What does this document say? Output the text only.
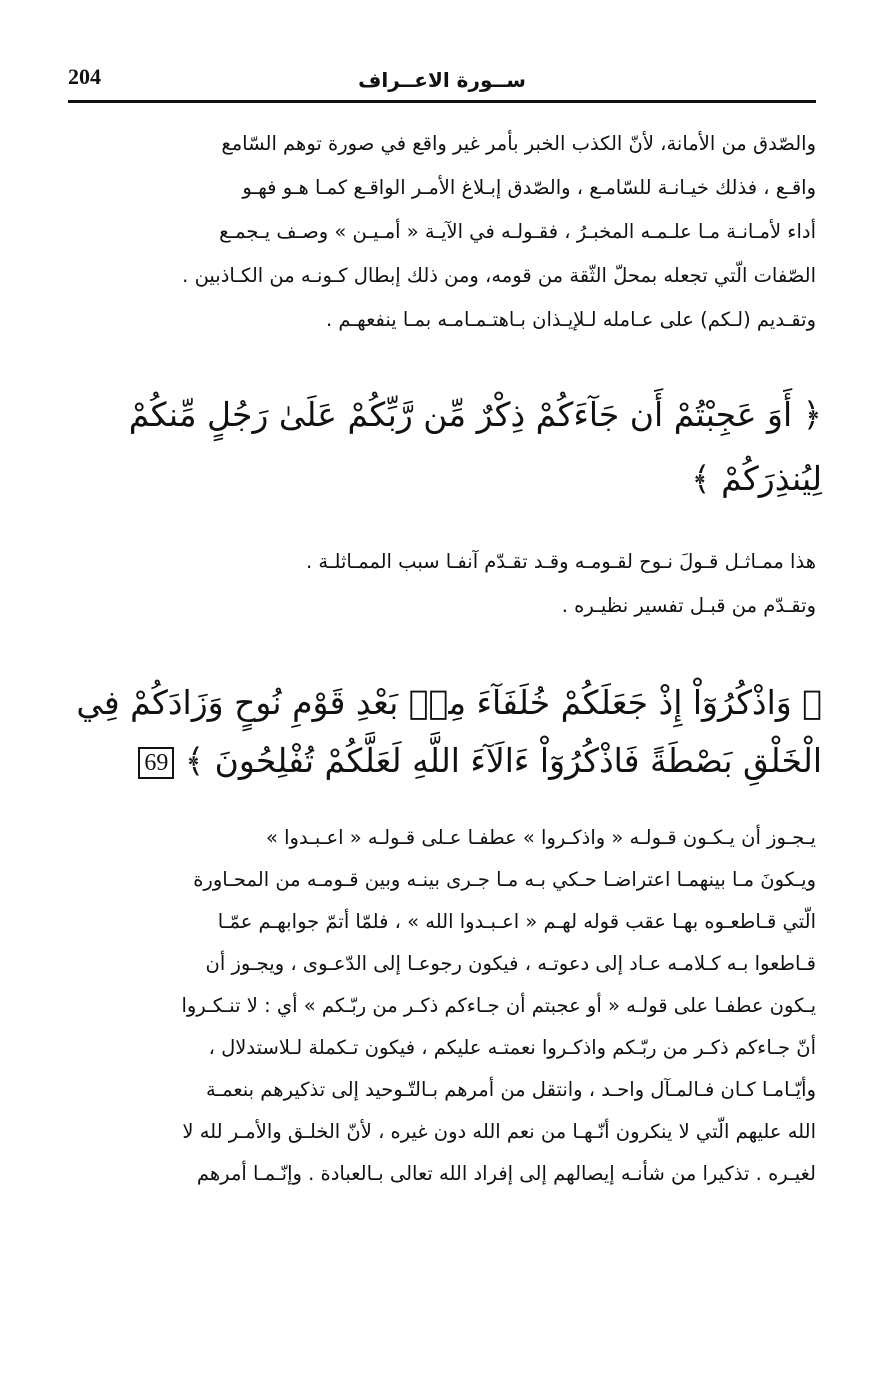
204	ســورة الاعــراف

والصّدق من الأمانة، لأنّ الكذب الخبر بأمر غير واقع في صورة توهم السّامع

واقـع ، فذلك خيـانـة للسّامـع ، والصّدق إبـلاغ الأمـر الواقـع كمـا هـو فهـو

أداء لأمـانـة مـا علـمـه المخبـرُ ، فقـولـه في الآيـة « أمـيـن » وصـف يـجمـع

الصّفات الّتي تجعله بمحلّ الثّقة من قومه، ومن ذلك إبطال كـونـه من الكـاذبين .

وتقـديم (لـكم) على عـامله لـلإيـذان بـاهتـمـامـه بمـا ينفعهـم .

﴿ أَوَ عَجِبْتُمْ أَن جَآءَكُمْ ذِكْرٌ مِّن رَّبِّكُمْ عَلَىٰ رَجُلٍ مِّنكُمْ

لِيُنذِرَكُمْ ﴾

هذا ممـاثـل قـولَ نـوح لقـومـه وقـد تقـدّم آنفـا سبب الممـاثلـة .

وتقـدّم من قبـل تفسير نظيـره .

﴿ وَاذْكُرُوٓاْ إِذْ جَعَلَكُمْ خُلَفَآءَ مِنۢ بَعْدِ قَوْمِ نُوحٍ وَزَادَكُمْ فِي

الْخَلْقِ بَصْطَةً فَاذْكُرُوٓاْ ءَالَآءَ اللَّهِ لَعَلَّكُمْ تُفْلِحُونَ ﴾ 69

يـجـوز أن يـكـون قـولـه « واذكـروا » عطفـا عـلى قـولـه « اعـبـدوا »

ويـكونَ مـا بينهمـا اعتراضـا حـكي بـه مـا جـرى بينـه وبين قـومـه من المحـاورة

الّتي قـاطعـوه بهـا عقب قوله لهـم « اعـبـدوا الله » ، فلمّا أتمّ جوابهـم عمّـا

قـاطعوا بـه كـلامـه عـاد إلى دعوتـه ، فيكون رجوعـا إلى الدّعـوى ، ويجـوز أن

يـكون عطفـا على قولـه « أو عجبتم أن جـاءكم ذكـر من ربّـكم » أي : لا تنـكـروا

أنّ جـاءكم ذكـر من ربّـكم واذكـروا نعمتـه عليكم ، فيكون تـكملة لـلاستدلال ،

وأيّـامـا كـان فـالمـآل واحـد ، وانتقل من أمرهم بـالتّـوحيد إلى تذكيرهم بنعمـة

الله عليهم الّتي لا ينكرون أنّـهـا من نعم الله دون غيره ، لأنّ الخلـق والأمـر لله لا

لغيـره . تذكيرا من شأنـه إيصالهم إلى إفراد الله تعالى بـالعبادة . وإنّـمـا أمرهم
